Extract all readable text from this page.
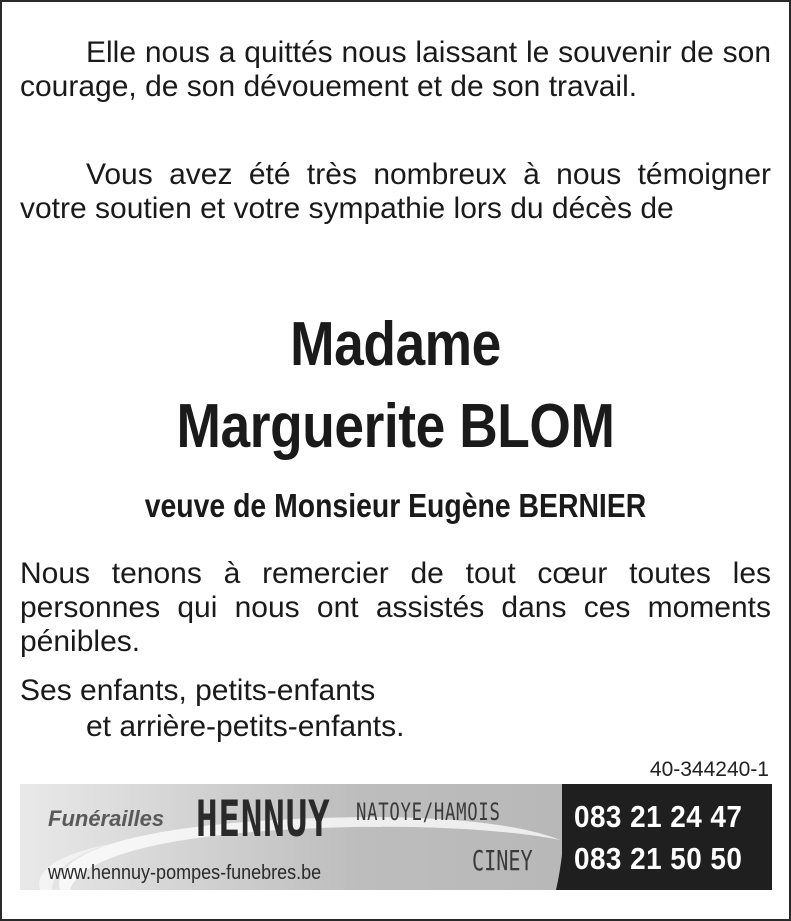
Elle nous a quittés nous laissant le souvenir de son courage, de son dévouement et de son travail.

Vous avez été très nombreux à nous témoigner votre soutien et votre sympathie lors du décès de

Madame
Marguerite BLOM
veuve de Monsieur Eugène BERNIER

Nous tenons à remercier de tout cœur toutes les personnes qui nous ont assistés dans ces moments pénibles.

Ses enfants, petits-enfants
et arrière-petits-enfants.
40-344240-1
Funérailles HENNUY NATOYE/HAMOIS
CINEY
www.hennuy-pompes-funebres.be
083 21 24 47
083 21 50 50
